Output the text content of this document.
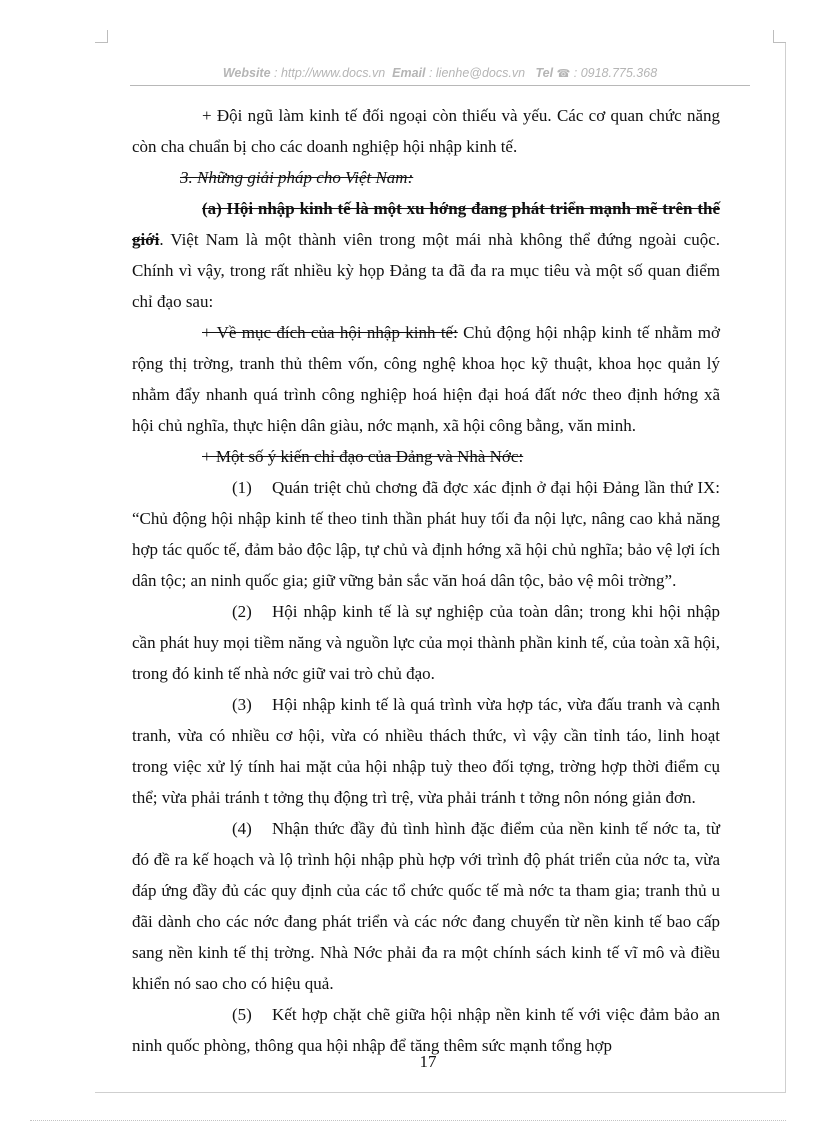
Website : http://www.docs.vn Email : lienhe@docs.vn Tel ☎ : 0918.775.368

+ Đội ngũ làm kinh tế đối ngoại còn thiếu và yếu. Các cơ quan chức năng còn cha chuẩn bị cho các doanh nghiệp hội nhập kinh tế.

3. Những giải pháp cho Việt Nam:

(a) Hội nhập kinh tế là một xu hớng đang phát triển mạnh mẽ trên thế giới. Việt Nam là một thành viên trong một mái nhà không thể đứng ngoài cuộc. Chính vì vậy, trong rất nhiều kỳ họp Đảng ta đã đa ra mục tiêu và một số quan điểm chỉ đạo sau:

+ Về mục đích của hội nhập kinh tế: Chủ động hội nhập kinh tế nhằm mở rộng thị trờng, tranh thủ thêm vốn, công nghệ khoa học kỹ thuật, khoa học quản lý nhằm đẩy nhanh quá trình công nghiệp hoá hiện đại hoá đất nớc theo định hớng xã hội chủ nghĩa, thực hiện dân giàu, nớc mạnh, xã hội công bằng, văn minh.

+ Một số ý kiến chỉ đạo của Đảng và Nhà Nớc:

(1) Quán triệt chủ chơng đã đợc xác định ở đại hội Đảng lần thứ IX: “Chủ động hội nhập kinh tế theo tinh thần phát huy tối đa nội lực, nâng cao khả năng hợp tác quốc tế, đảm bảo độc lập, tự chủ và định hớng xã hội chủ nghĩa; bảo vệ lợi ích dân tộc; an ninh quốc gia; giữ vững bản sắc văn hoá dân tộc, bảo vệ môi trờng”.

(2) Hội nhập kinh tế là sự nghiệp của toàn dân; trong khi hội nhập cần phát huy mọi tiềm năng và nguồn lực của mọi thành phần kinh tế, của toàn xã hội, trong đó kinh tế nhà nớc giữ vai trò chủ đạo.

(3) Hội nhập kinh tế là quá trình vừa hợp tác, vừa đấu tranh và cạnh tranh, vừa có nhiều cơ hội, vừa có nhiều thách thức, vì vậy cần tỉnh táo, linh hoạt trong việc xử lý tính hai mặt của hội nhập tuỳ theo đối tợng, trờng hợp thời điểm cụ thể; vừa phải tránh t tởng thụ động trì trệ, vừa phải tránh t tởng nôn nóng giản đơn.

(4) Nhận thức đầy đủ tình hình đặc điểm của nền kinh tế nớc ta, từ đó đề ra kế hoạch và lộ trình hội nhập phù hợp với trình độ phát triển của nớc ta, vừa đáp ứng đầy đủ các quy định của các tổ chức quốc tế mà nớc ta tham gia; tranh thủ u đãi dành cho các nớc đang phát triển và các nớc đang chuyển từ nền kinh tế bao cấp sang nền kinh tế thị trờng. Nhà Nớc phải đa ra một chính sách kinh tế vĩ mô và điều khiển nó sao cho có hiệu quả.

(5) Kết hợp chặt chẽ giữa hội nhập nền kinh tế với việc đảm bảo an ninh quốc phòng, thông qua hội nhập để tăng thêm sức mạnh tổng hợp

17
